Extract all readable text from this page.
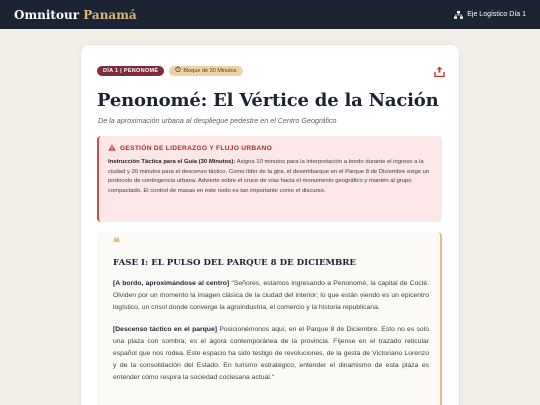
Omnitour Panamá	Eje Logístico Día 1
DÍA 1 | PENONOMÉ	Bloque de 30 Minutos
Penonomé: El Vértice de la Nación
De la aproximación urbana al despliegue pedestre en el Centro Geográfico
GESTIÓN DE LIDERAZGO Y FLUJO URBANO

Instrucción Táctica para el Guía (30 Minutos): Asigna 10 minutos para la interpretación a bordo durante el ingreso a la ciudad y 20 minutos para el descenso táctico. Como líder de la gira, el desembarque en el Parque 8 de Diciembre exige un protocolo de contingencia urbana. Advierte sobre el cruce de vías hacia el monumento geográfico y mantén al grupo compactado. El control de masas en este nodo es tan importante como el discurso.

❝
FASE I: EL PULSO DEL PARQUE 8 DE DICIEMBRE

[A bordo, aproximándose al centro] "Señores, estamos ingresando a Penonomé, la capital de Coclé. Olviden por un momento la imagen clásica de la ciudad del interior; lo que están viendo es un epicentro logístico, un crisol donde converge la agroindustria, el comercio y la historia republicana.

[Descenso táctico en el parque] Posicionémonos aquí, en el Parque 8 de Diciembre. Esto no es solo una plaza con sombra; es el ágora contemporánea de la provincia. Fíjense en el trazado reticular español que nos rodea. Este espacio ha sido testigo de revoluciones, de la gesta de Victoriano Lorenzo y de la consolidación del Estado. En turismo estratégico, entender el dinamismo de esta plaza es entender cómo respira la sociedad coclesana actual."
